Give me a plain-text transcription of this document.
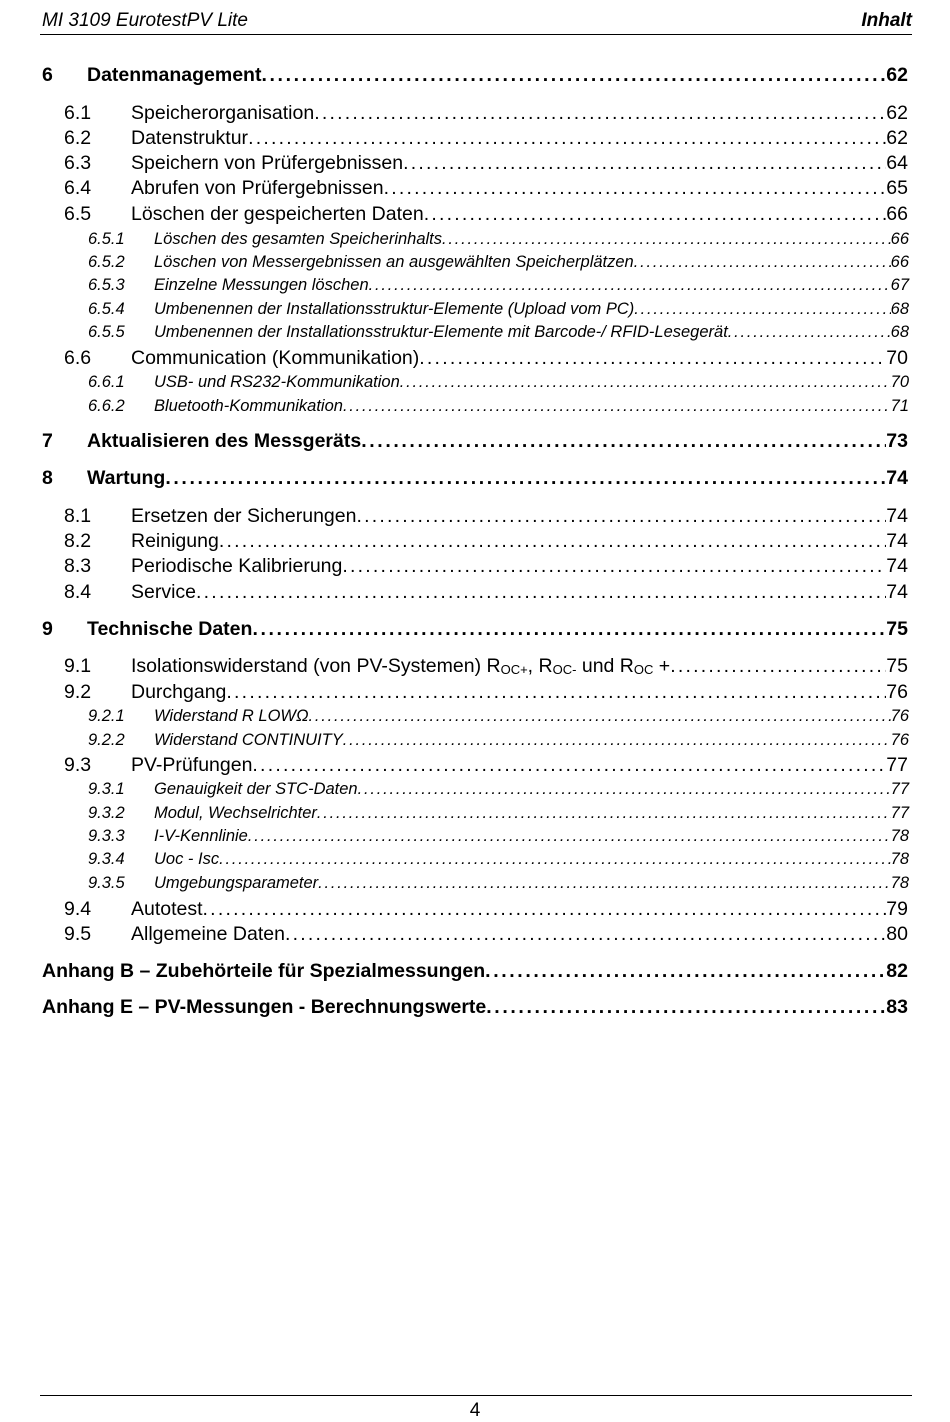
MI 3109 EurotestPV Lite	Inhalt
6	Datenmanagement . . .	62
6.1	Speicherorganisation . . .	62
6.2	Datenstruktur . . .	62
6.3	Speichern von Prüfergebnissen . . .	64
6.4	Abrufen von Prüfergebnissen . . .	65
6.5	Löschen der gespeicherten Daten . . .	66
6.5.1	Löschen des gesamten Speicherinhalts . . .	66
6.5.2	Löschen von Messergebnissen an ausgewählten Speicherplätzen . . .	66
6.5.3	Einzelne Messungen löschen . . .	67
6.5.4	Umbenennen der Installationsstruktur-Elemente (Upload vom PC) . . .	68
6.5.5	Umbenennen der Installationsstruktur-Elemente mit Barcode-/ RFID-Lesegerät . . .	68
6.6	Communication (Kommunikation) . . .	70
6.6.1	USB- und RS232-Kommunikation . . .	70
6.6.2	Bluetooth-Kommunikation . . .	71
7	Aktualisieren des Messgeräts . . .	73
8	Wartung . . .	74
8.1	Ersetzen der Sicherungen . . .	74
8.2	Reinigung . . .	74
8.3	Periodische Kalibrierung . . .	74
8.4	Service . . .	74
9	Technische Daten . . .	75
9.1	Isolationswiderstand (von PV-Systemen) $R_{OC+}$, $R_{OC-}$ und $R_{OC}$ + . . .	75
9.2	Durchgang . . .	76
9.2.1	Widerstand R LOWΩ . . .	76
9.2.2	Widerstand CONTINUITY . . .	76
9.3	PV-Prüfungen . . .	77
9.3.1	Genauigkeit der STC-Daten . . .	77
9.3.2	Modul, Wechselrichter . . .	77
9.3.3	I-V-Kennlinie . . .	78
9.3.4	Uoc - Isc . . .	78
9.3.5	Umgebungsparameter . . .	78
9.4	Autotest . . .	79
9.5	Allgemeine Daten . . .	80
Anhang B – Zubehörteile für Spezialmessungen . . .	82
Anhang E – PV-Messungen - Berechnungswerte . . .	83
4
